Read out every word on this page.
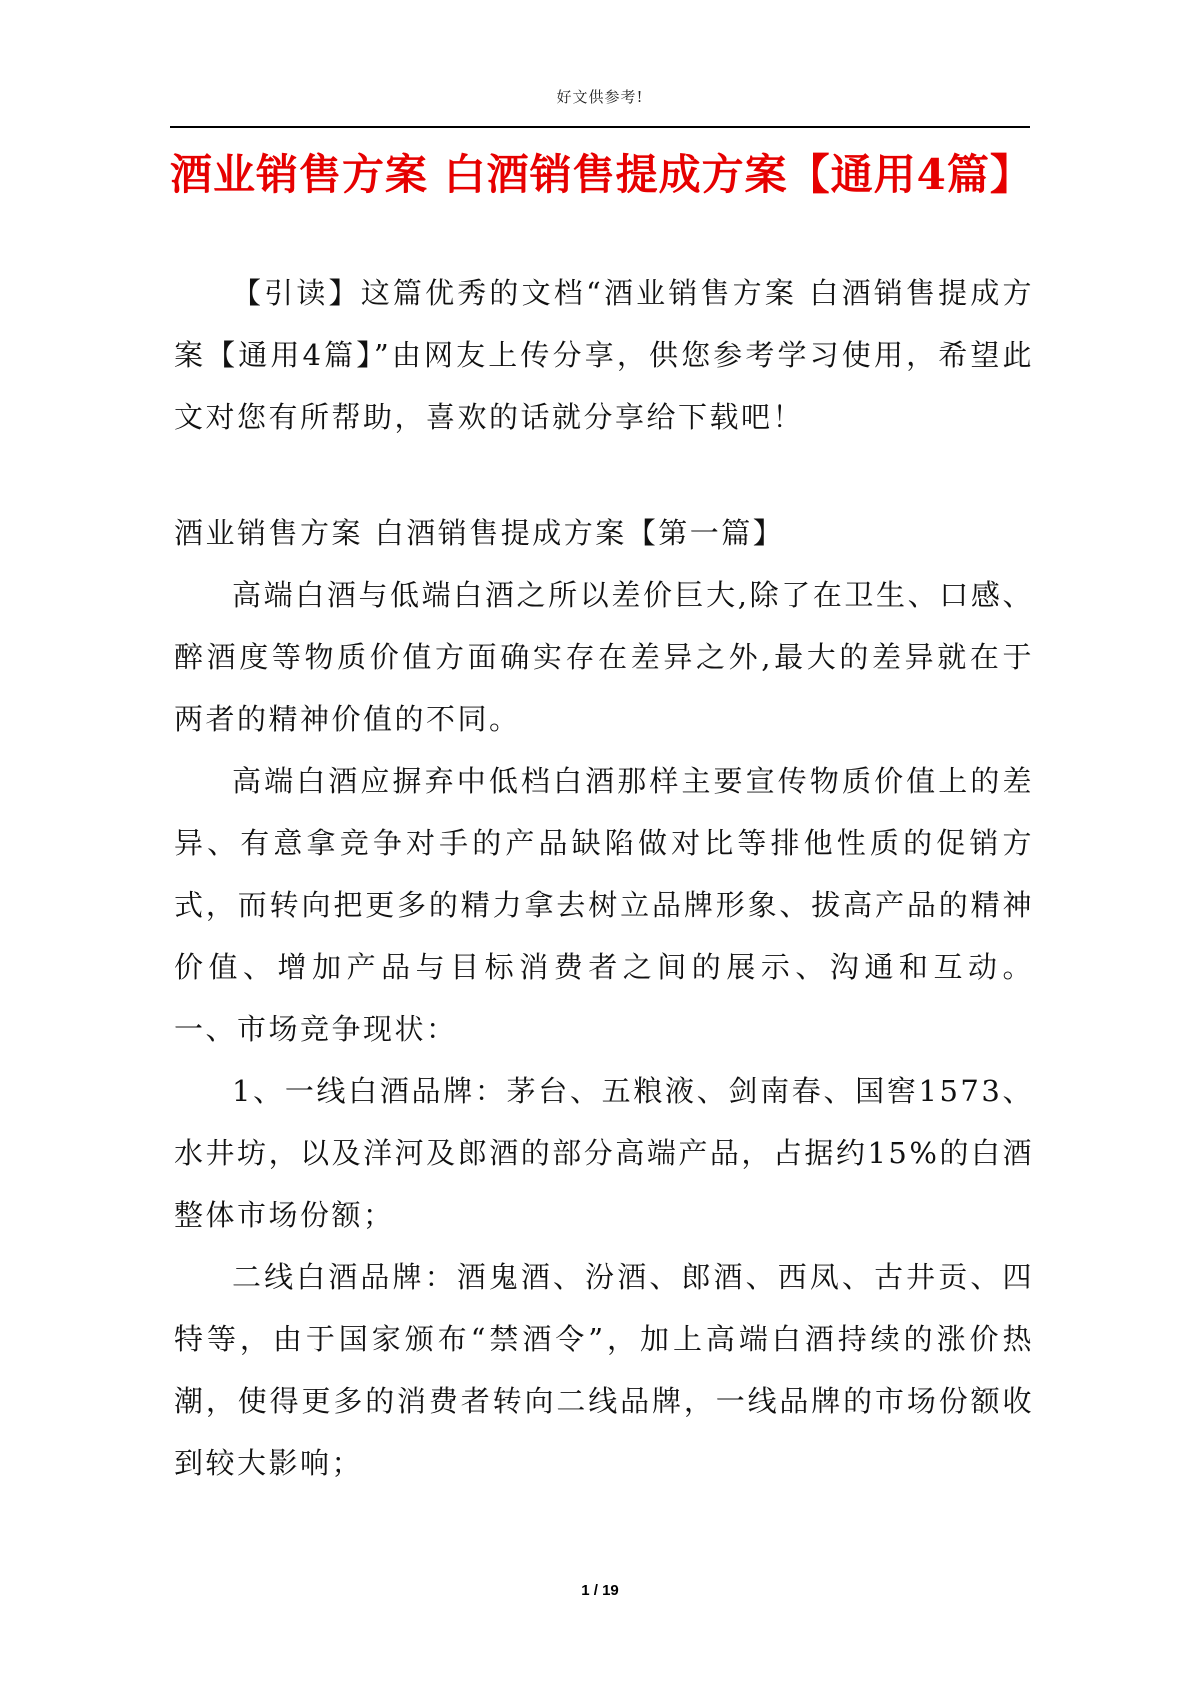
好文供参考!
酒业销售方案 白酒销售提成方案【通用4篇】

【引读】这篇优秀的文档“酒业销售方案 白酒销售提成方案【通用4篇】”由网友上传分享，供您参考学习使用，希望此文对您有所帮助，喜欢的话就分享给下载吧！

酒业销售方案 白酒销售提成方案【第一篇】

高端白酒与低端白酒之所以差价巨大,除了在卫生、口感、醉酒度等物质价值方面确实存在差异之外,最大的差异就在于两者的精神价值的不同。

高端白酒应摒弃中低档白酒那样主要宣传物质价值上的差异、有意拿竞争对手的产品缺陷做对比等排他性质的促销方式，而转向把更多的精力拿去树立品牌形象、拔高产品的精神价值、增加产品与目标消费者之间的展示、沟通和互动。 一、市场竞争现状：

1、一线白酒品牌：茅台、五粮液、剑南春、国窖1573、水井坊，以及洋河及郎酒的部分高端产品，占据约15%的白酒整体市场份额；

二线白酒品牌：酒鬼酒、汾酒、郎酒、西凤、古井贡、四特等，由于国家颁布“禁酒令”，加上高端白酒持续的涨价热潮，使得更多的消费者转向二线品牌，一线品牌的市场份额收到较大影响；

1 / 19
